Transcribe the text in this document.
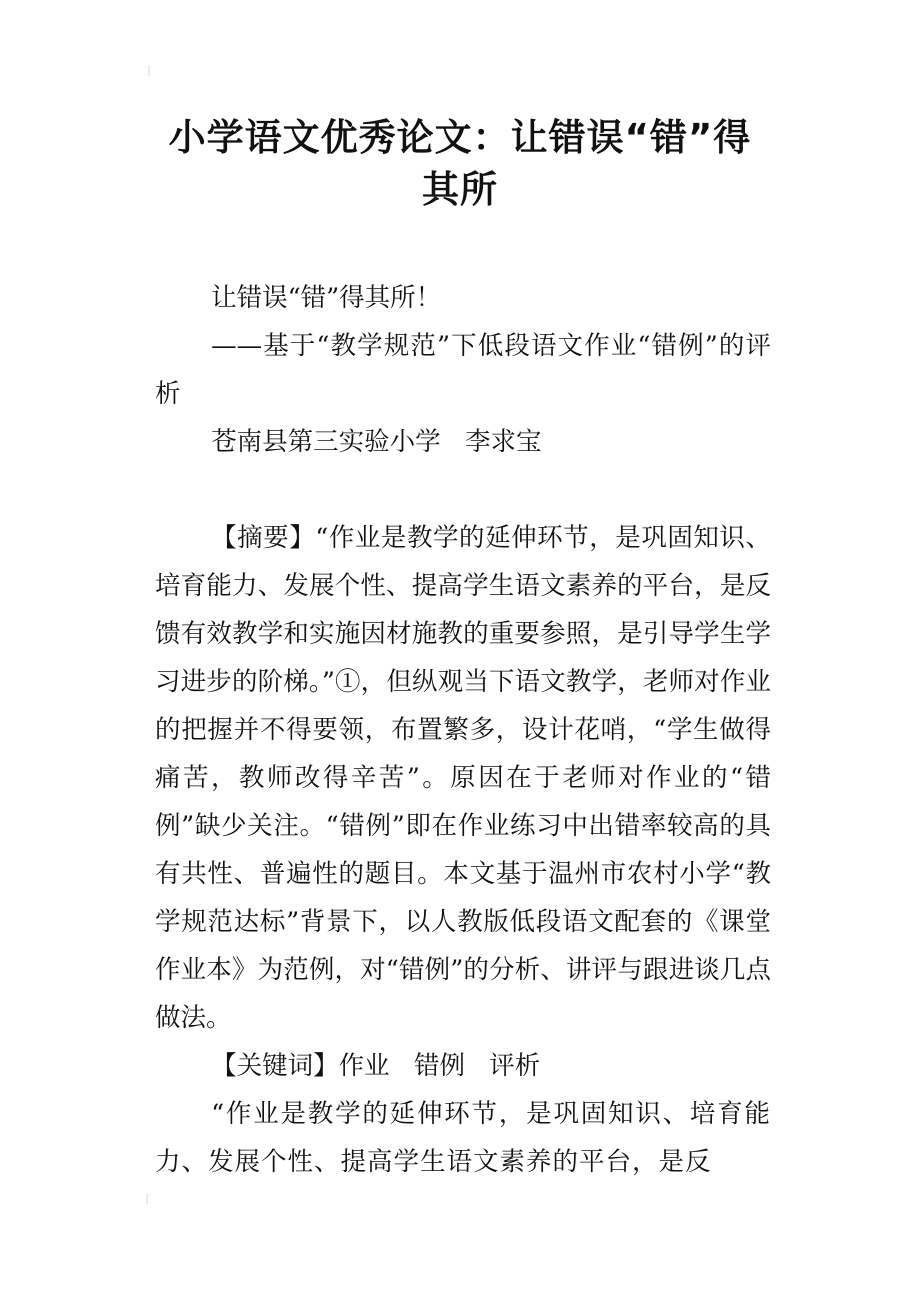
⸽
小学语文优秀论文：让错误“错”得其所

让错误“错”得其所！

——基于“教学规范”下低段语文作业“错例”的评析

苍南县第三实验小学 李求宝

【摘要】“作业是教学的延伸环节，是巩固知识、培育能力、发展个性、提高学生语文素养的平台，是反馈有效教学和实施因材施教的重要参照，是引导学生学习进步的阶梯。”①，但纵观当下语文教学，老师对作业的把握并不得要领，布置繁多，设计花哨，“学生做得痛苦，教师改得辛苦”。原因在于老师对作业的“错例”缺少关注。“错例”即在作业练习中出错率较高的具有共性、普遍性的题目。本文基于温州市农村小学“教学规范达标”背景下，以人教版低段语文配套的《课堂作业本》为范例，对“错例”的分析、讲评与跟进谈几点做法。

【关键词】作业 错例 评析

“作业是教学的延伸环节，是巩固知识、培育能力、发展个性、提高学生语文素养的平台，是反

⸽
